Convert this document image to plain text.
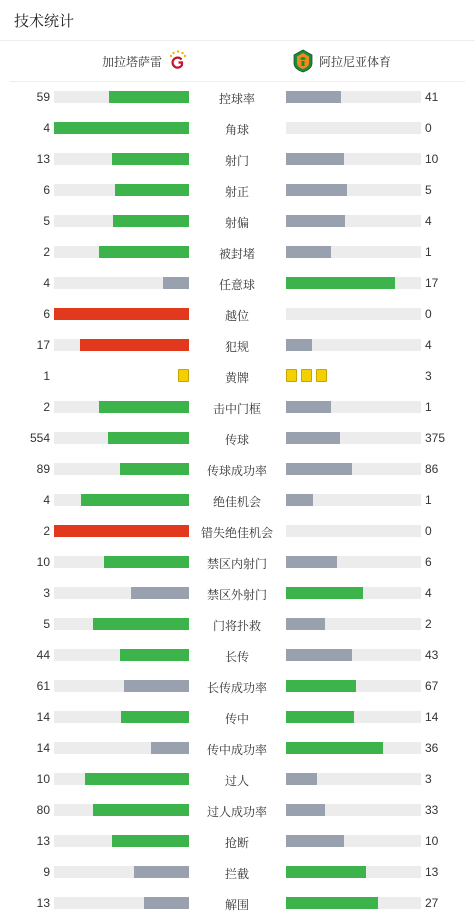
技术统计
加拉塔萨雷	阿拉尼亚体育
59	控球率	41
4	角球	0
13	射门	10
6	射正	5
5	射偏	4
2	被封堵	1
4	任意球	17
6	越位	0
17	犯规	4
1	黄牌	3
2	击中门框	1
554	传球	375
89	传球成功率	86
4	绝佳机会	1
2	错失绝佳机会	0
10	禁区内射门	6
3	禁区外射门	4
5	门将扑救	2
44	长传	43
61	长传成功率	67
14	传中	14
14	传中成功率	36
10	过人	3
80	过人成功率	33
13	抢断	10
9	拦截	13
13	解围	27
